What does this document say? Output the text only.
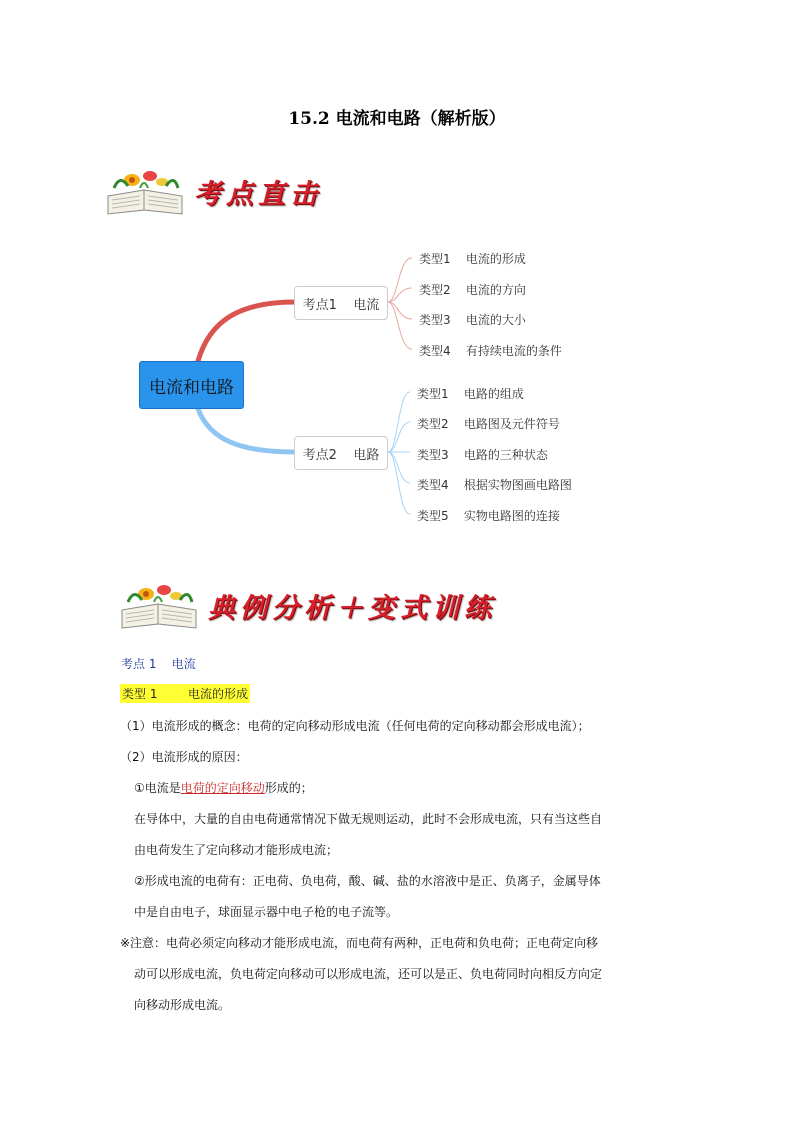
15.2 电流和电路（解析版）
考点直击
电流和电路
考点1    电流
考点2    电路
类型1    电流的形成
类型2    电流的方向
类型3    电流的大小
类型4    有持续电流的条件
类型1    电路的组成
类型2    电路图及元件符号
类型3    电路的三种状态
类型4    根据实物图画电路图
类型5    实物电路图的连接
典例分析＋变式训练
考点 1    电流
类型 1        电流的形成
（1）电流形成的概念：电荷的定向移动形成电流（任何电荷的定向移动都会形成电流）；
（2）电流形成的原因：
①电流是电荷的定向移动形成的；
在导体中，大量的自由电荷通常情况下做无规则运动，此时不会形成电流，只有当这些自
由电荷发生了定向移动才能形成电流；
②形成电流的电荷有：正电荷、负电荷，酸、碱、盐的水溶液中是正、负离子，金属导体
中是自由电子，球面显示器中电子枪的电子流等。
※注意：电荷必须定向移动才能形成电流，而电荷有两种，正电荷和负电荷；正电荷定向移
动可以形成电流，负电荷定向移动可以形成电流，还可以是正、负电荷同时向相反方向定
向移动形成电流。
